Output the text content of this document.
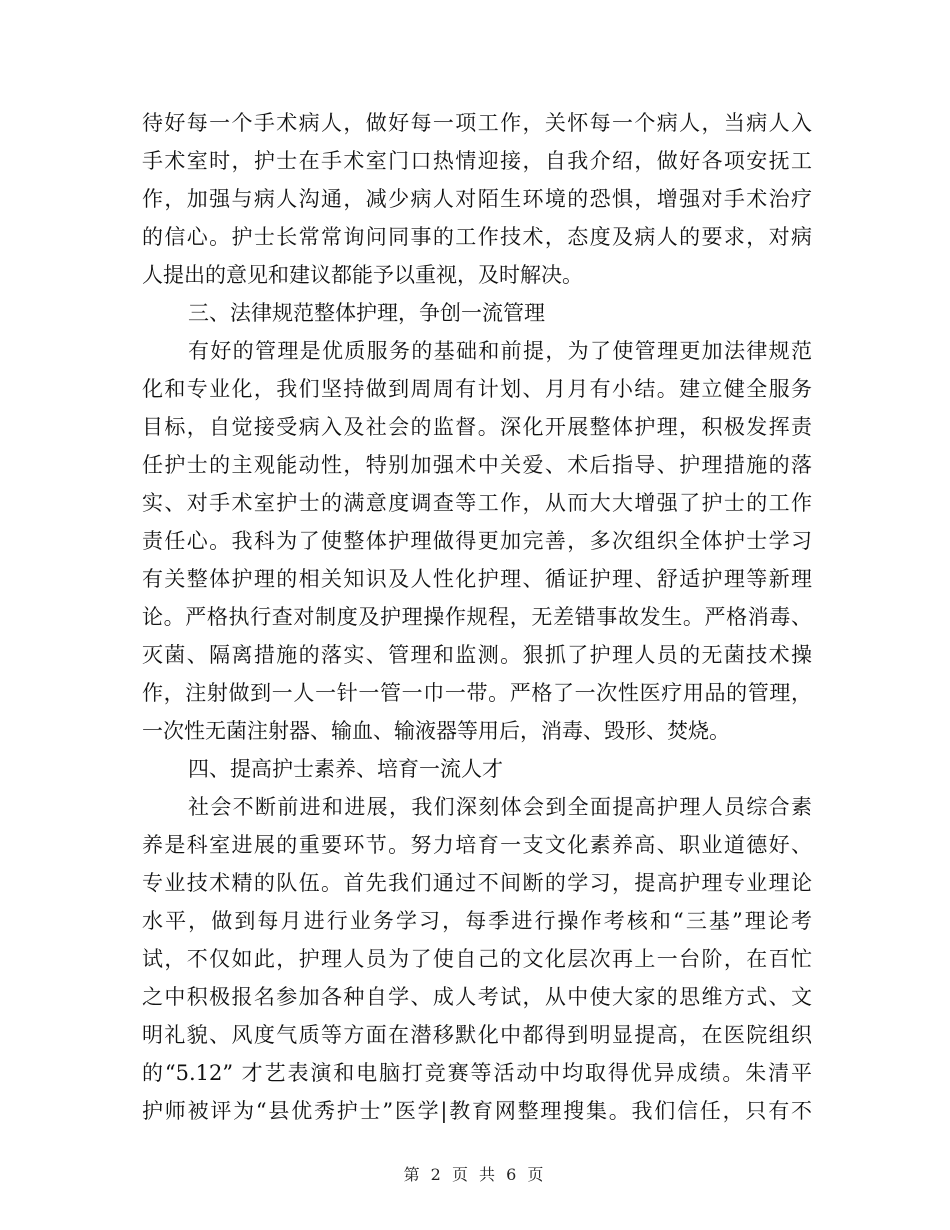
待好每一个手术病人，做好每一项工作，关怀每一个病人，当病人入
手术室时，护士在手术室门口热情迎接，自我介绍，做好各项安抚工
作，加强与病人沟通，减少病人对陌生环境的恐惧，增强对手术治疗
的信心。护士长常常询问同事的工作技术，态度及病人的要求，对病
人提出的意见和建议都能予以重视，及时解决。
三、法律规范整体护理，争创一流管理
有好的管理是优质服务的基础和前提，为了使管理更加法律规范
化和专业化，我们坚持做到周周有计划、月月有小结。建立健全服务
目标，自觉接受病入及社会的监督。深化开展整体护理，积极发挥责
任护士的主观能动性，特别加强术中关爱、术后指导、护理措施的落
实、对手术室护士的满意度调查等工作，从而大大增强了护士的工作
责任心。我科为了使整体护理做得更加完善，多次组织全体护士学习
有关整体护理的相关知识及人性化护理、循证护理、舒适护理等新理
论。严格执行查对制度及护理操作规程，无差错事故发生。严格消毒、
灭菌、隔离措施的落实、管理和监测。狠抓了护理人员的无菌技术操
作，注射做到一人一针一管一巾一带。严格了一次性医疗用品的管理，
一次性无菌注射器、输血、输液器等用后，消毒、毁形、焚烧。
四、提高护士素养、培育一流人才
社会不断前进和进展，我们深刻体会到全面提高护理人员综合素
养是科室进展的重要环节。努力培育一支文化素养高、职业道德好、
专业技术精的队伍。首先我们通过不间断的学习，提高护理专业理论
水平，做到每月进行业务学习，每季进行操作考核和“三基”理论考
试，不仅如此，护理人员为了使自己的文化层次再上一台阶，在百忙
之中积极报名参加各种自学、成人考试，从中使大家的思维方式、文
明礼貌、风度气质等方面在潜移默化中都得到明显提高，在医院组织
的“5.12” 才艺表演和电脑打竞赛等活动中均取得优异成绩。朱清平
护师被评为“县优秀护士”医学|教育网整理搜集。我们信任，只有不
第 2 页 共 6 页
